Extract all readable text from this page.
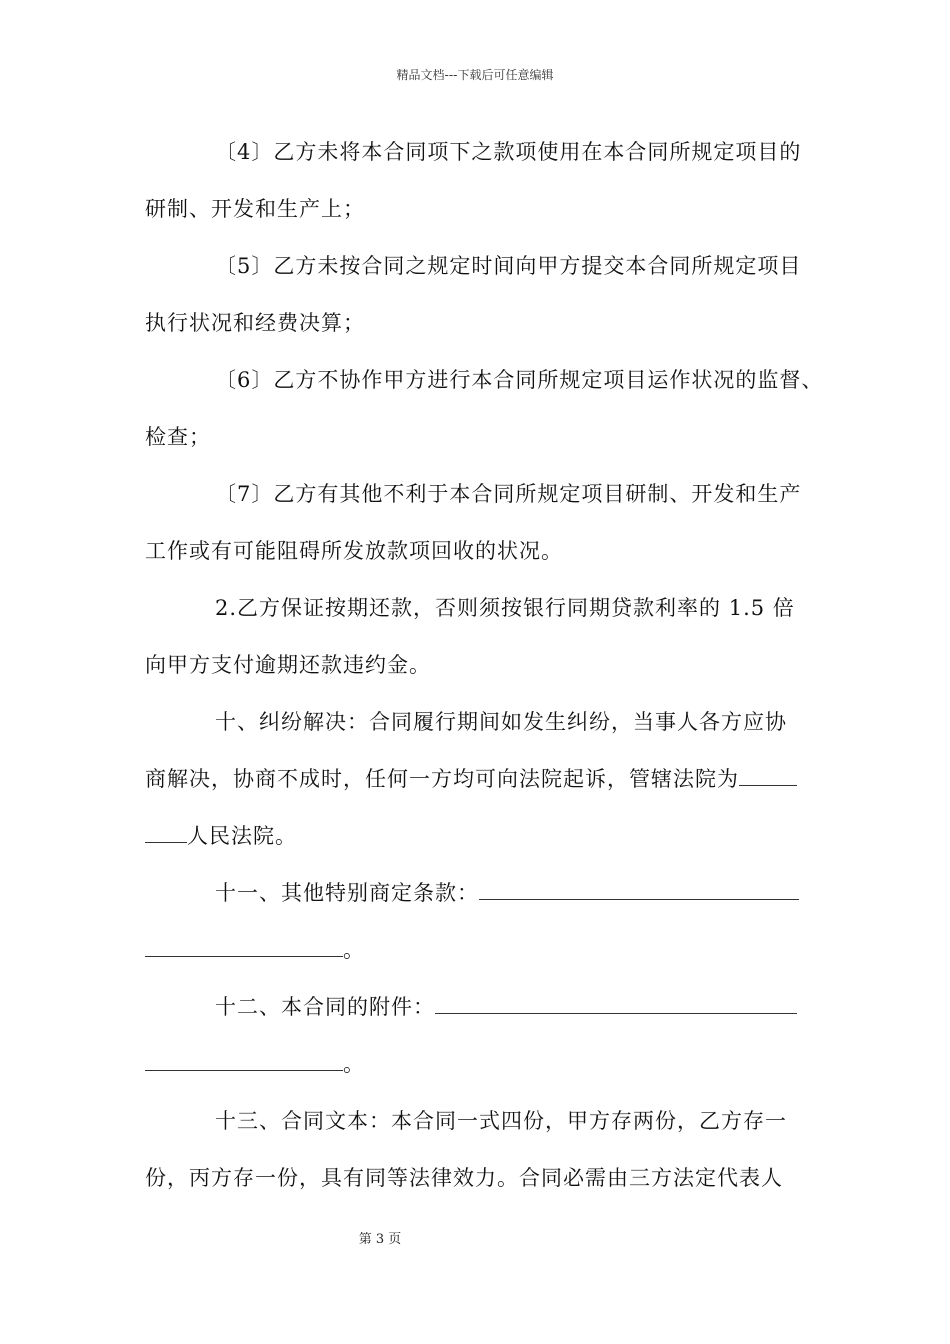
精品文档---下载后可任意编辑
〔4〕乙方未将本合同项下之款项使用在本合同所规定项目的
研制、开发和生产上；
〔5〕乙方未按合同之规定时间向甲方提交本合同所规定项目
执行状况和经费决算；
〔6〕乙方不协作甲方进行本合同所规定项目运作状况的监督、
检查；
〔7〕乙方有其他不利于本合同所规定项目研制、开发和生产
工作或有可能阻碍所发放款项回收的状况。
2.乙方保证按期还款，否则须按银行同期贷款利率的 1.5 倍
向甲方支付逾期还款违约金。
十、纠纷解决：合同履行期间如发生纠纷，当事人各方应协
商解决，协商不成时，任何一方均可向法院起诉，管辖法院为
人民法院。
十一、其他特别商定条款：
。
十二、本合同的附件：
。
十三、合同文本：本合同一式四份，甲方存两份，乙方存一
份，丙方存一份，具有同等法律效力。合同必需由三方法定代表人
第 3 页
